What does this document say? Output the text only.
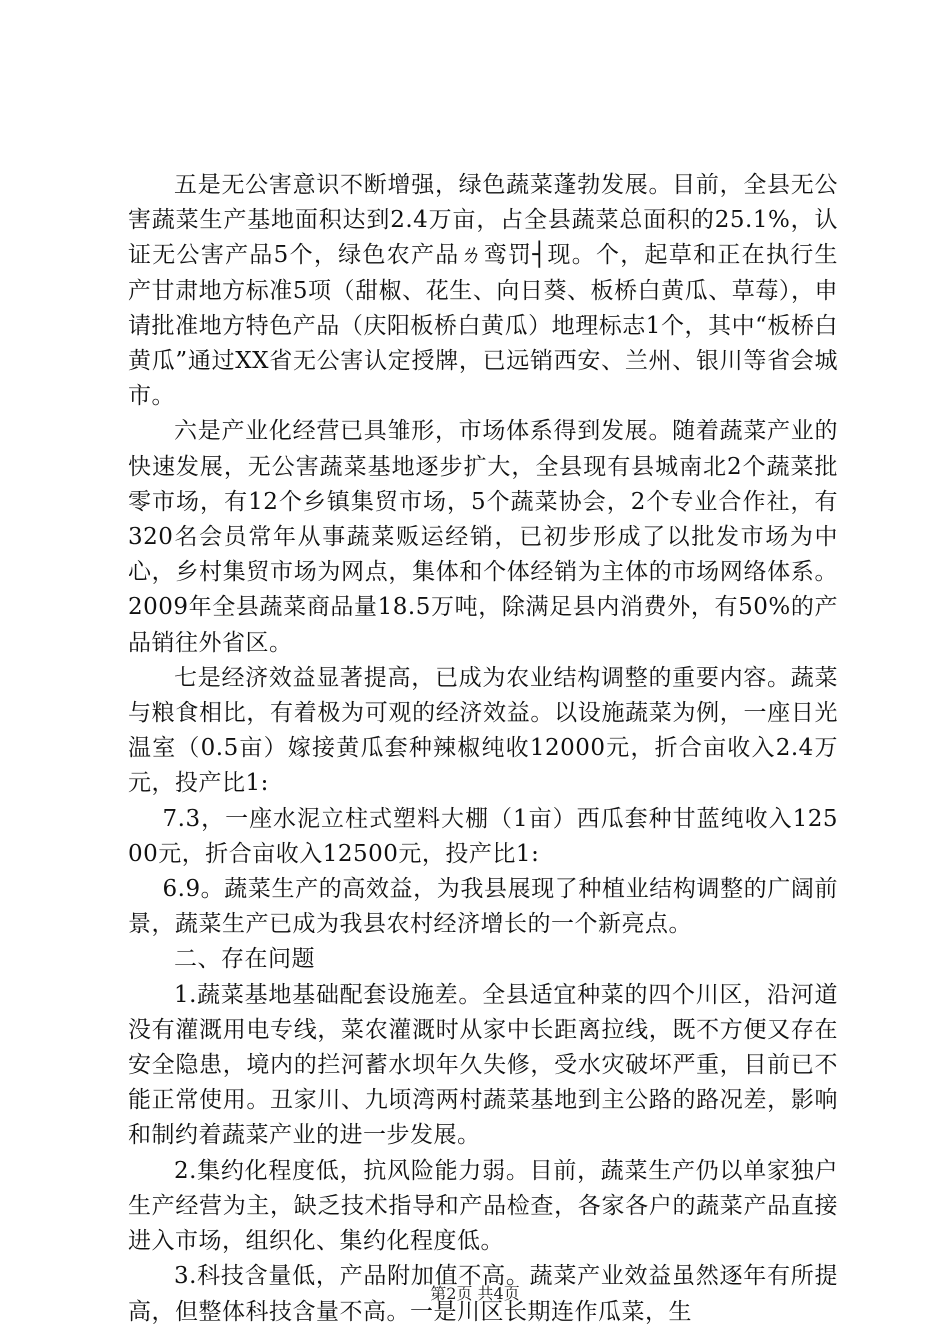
五是无公害意识不断增强，绿色蔬菜蓬勃发展。目前，全县无公害蔬菜生产基地面积达到2.4万亩，占全县蔬菜总面积的25.1%，认证无公害产品5个，绿色农产品ㄌ鸾罚┤现。个，起草和正在执行生产甘肃地方标准5项（甜椒、花生、向日葵、板桥白黄瓜、草莓），申请批准地方特色产品（庆阳板桥白黄瓜）地理标志1个，其中“板桥白黄瓜”通过XX省无公害认定授牌，已远销西安、兰州、银川等省会城市。

六是产业化经营已具雏形，市场体系得到发展。随着蔬菜产业的快速发展，无公害蔬菜基地逐步扩大，全县现有县城南北2个蔬菜批零市场，有12个乡镇集贸市场，5个蔬菜协会，2个专业合作社，有320名会员常年从事蔬菜贩运经销，已初步形成了以批发市场为中心，乡村集贸市场为网点，集体和个体经销为主体的市场网络体系。2009年全县蔬菜商品量18.5万吨，除满足县内消费外，有50%的产品销往外省区。

七是经济效益显著提高，已成为农业结构调整的重要内容。蔬菜与粮食相比，有着极为可观的经济效益。以设施蔬菜为例，一座日光温室（0.5亩）嫁接黄瓜套种辣椒纯收12000元，折合亩收入2.4万元，投产比1:

7.3，一座水泥立柱式塑料大棚（1亩）西瓜套种甘蓝纯收入12500元，折合亩收入12500元，投产比1:

6.9。蔬菜生产的高效益，为我县展现了种植业结构调整的广阔前景，蔬菜生产已成为我县农村经济增长的一个新亮点。

二、存在问题

1.蔬菜基地基础配套设施差。全县适宜种菜的四个川区，沿河道没有灌溉用电专线，菜农灌溉时从家中长距离拉线，既不方便又存在安全隐患，境内的拦河蓄水坝年久失修，受水灾破坏严重，目前已不能正常使用。丑家川、九顷湾两村蔬菜基地到主公路的路况差，影响和制约着蔬菜产业的进一步发展。

2.集约化程度低，抗风险能力弱。目前，蔬菜生产仍以单家独户生产经营为主，缺乏技术指导和产品检查，各家各户的蔬菜产品直接进入市场，组织化、集约化程度低。

3.科技含量低，产品附加值不高。蔬菜产业效益虽然逐年有所提高，但整体科技含量不高。一是川区长期连作瓜菜，生

第2页 共4页
